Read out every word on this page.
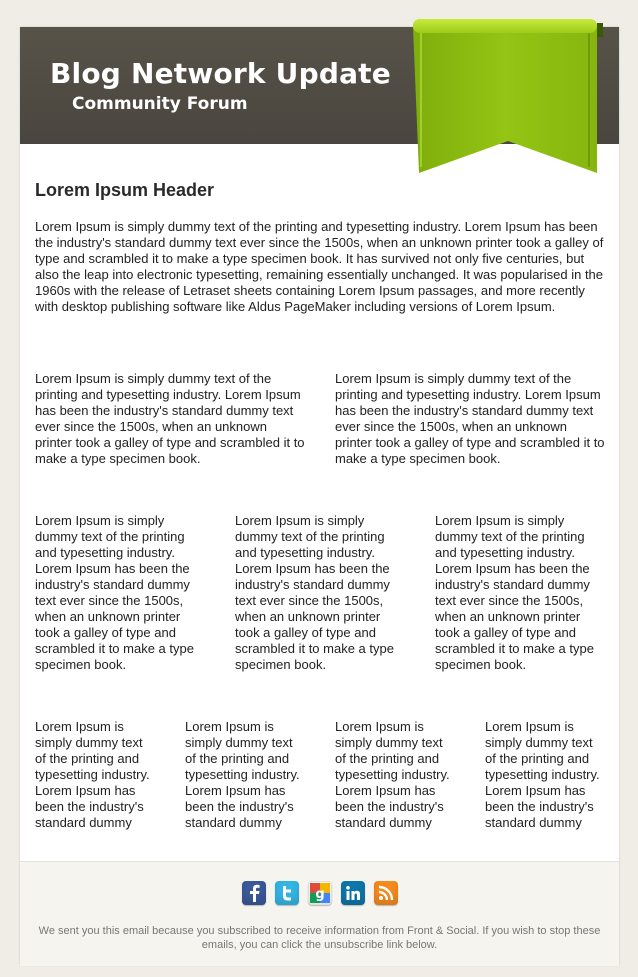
Blog Network Update
Community Forum
Lorem Ipsum Header

Lorem Ipsum is simply dummy text of the printing and typesetting industry. Lorem Ipsum has been the industry's standard dummy text ever since the 1500s, when an unknown printer took a galley of type and scrambled it to make a type specimen book. It has survived not only five centuries, but also the leap into electronic typesetting, remaining essentially unchanged. It was popularised in the 1960s with the release of Letraset sheets containing Lorem Ipsum passages, and more recently with desktop publishing software like Aldus PageMaker including versions of Lorem Ipsum.

Lorem Ipsum is simply dummy text of the printing and typesetting industry. Lorem Ipsum has been the industry's standard dummy text ever since the 1500s, when an unknown printer took a galley of type and scrambled it to make a type specimen book.

Lorem Ipsum is simply dummy text of the printing and typesetting industry. Lorem Ipsum has been the industry's standard dummy text ever since the 1500s, when an unknown printer took a galley of type and scrambled it to make a type specimen book.

Lorem Ipsum is simply dummy text of the printing and typesetting industry. Lorem Ipsum has been the industry's standard dummy text ever since the 1500s, when an unknown printer took a galley of type and scrambled it to make a type specimen book.

Lorem Ipsum is simply dummy text of the printing and typesetting industry. Lorem Ipsum has been the industry's standard dummy text ever since the 1500s, when an unknown printer took a galley of type and scrambled it to make a type specimen book.

Lorem Ipsum is simply dummy text of the printing and typesetting industry. Lorem Ipsum has been the industry's standard dummy text ever since the 1500s, when an unknown printer took a galley of type and scrambled it to make a type specimen book.

Lorem Ipsum is simply dummy text of the printing and typesetting industry. Lorem Ipsum has been the industry's standard dummy

Lorem Ipsum is simply dummy text of the printing and typesetting industry. Lorem Ipsum has been the industry's standard dummy

Lorem Ipsum is simply dummy text of the printing and typesetting industry. Lorem Ipsum has been the industry's standard dummy

Lorem Ipsum is simply dummy text of the printing and typesetting industry. Lorem Ipsum has been the industry's standard dummy

g

We sent you this email because you subscribed to receive information from Front & Social. If you wish to stop these emails, you can click the unsubscribe link below.
